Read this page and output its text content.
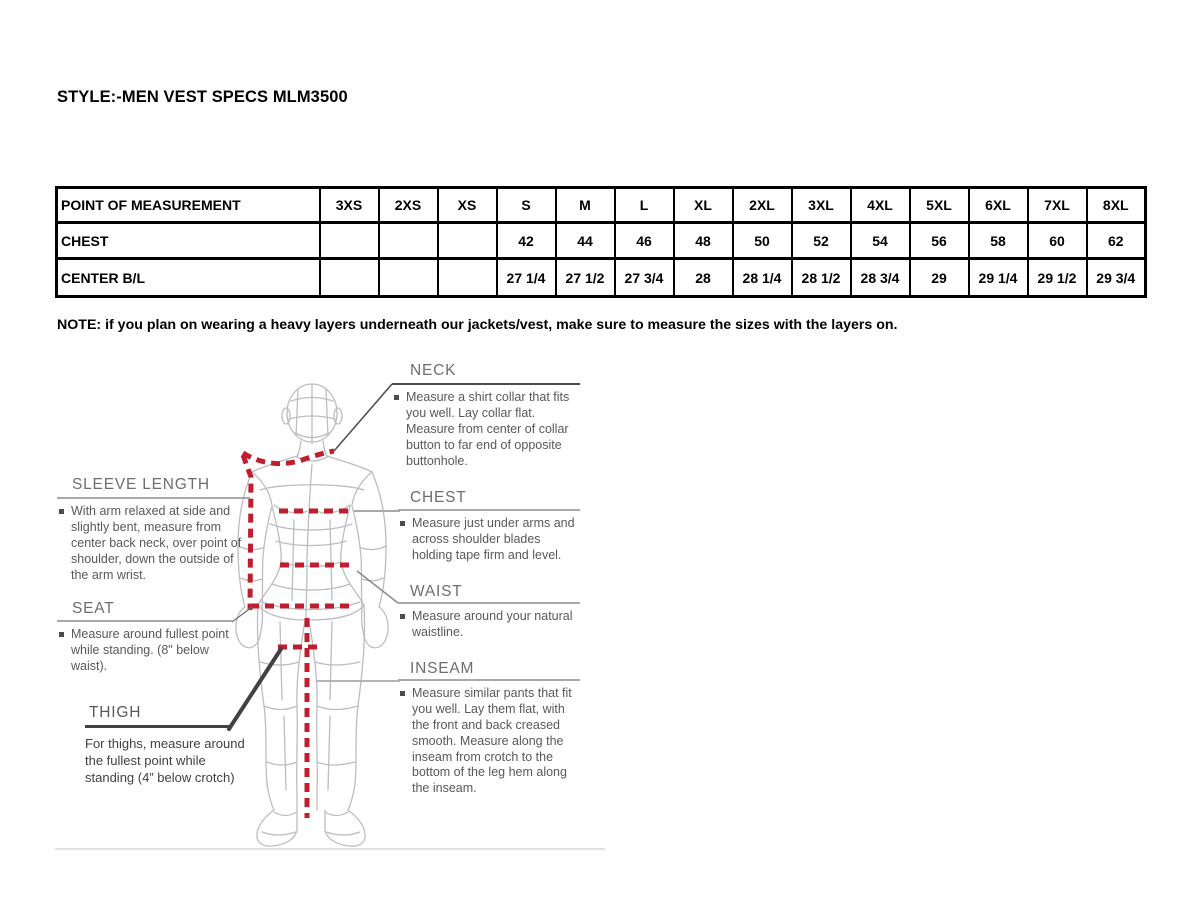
STYLE:-MEN VEST SPECS MLM3500
POINT OF MEASUREMENT	3XS	2XS	XS	S	M	L	XL	2XL	3XL	4XL	5XL	6XL	7XL	8XL
CHEST				42	44	46	48	50	52	54	56	58	60	62
CENTER B/L				27 1/4	27 1/2	27 3/4	28	28 1/4	28 1/2	28 3/4	29	29 1/4	29 1/2	29 3/4
NOTE: if you plan on wearing a heavy layers underneath our jackets/vest, make sure to measure the sizes with the layers on.
NECK
Measure a shirt collar that fits you well. Lay collar flat. Measure from center of collar button to far end of opposite buttonhole.
CHEST
Measure just under arms and across shoulder blades holding tape firm and level.
WAIST
Measure around your natural waistline.
INSEAM
Measure similar pants that fit you well. Lay them flat, with the front and back creased smooth. Measure along the inseam from crotch to the bottom of the leg hem along the inseam.
SLEEVE LENGTH
With arm relaxed at side and slightly bent, measure from center back neck, over point of shoulder, down the outside of the arm wrist.
SEAT
Measure around fullest point while standing. (8" below waist).
THIGH
For thighs, measure around the fullest point while standing (4” below crotch)
